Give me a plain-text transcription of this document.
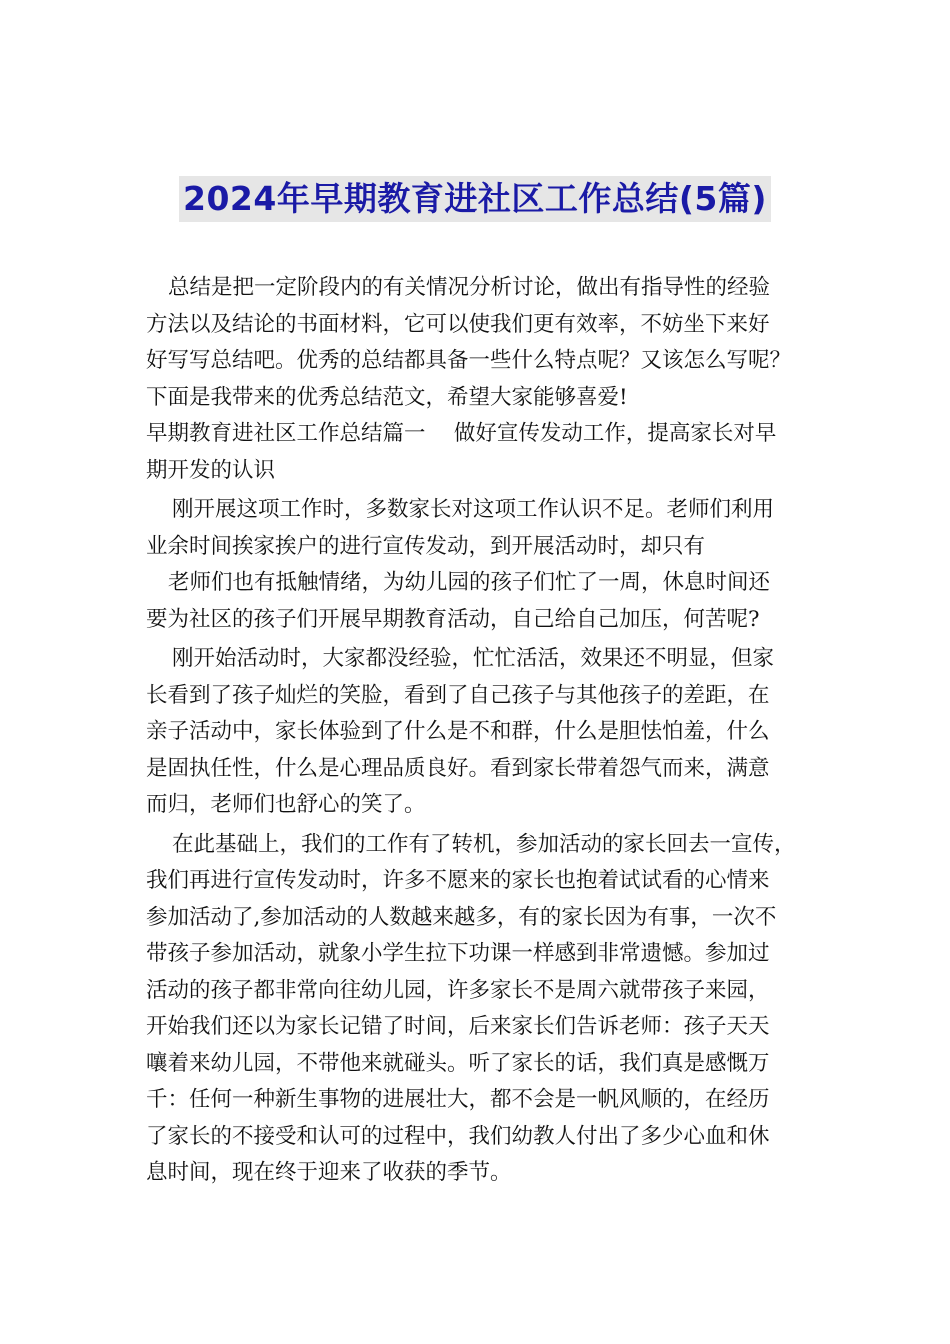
2024年早期教育进社区工作总结(5篇)
总结是把一定阶段内的有关情况分析讨论，做出有指导性的经验
方法以及结论的书面材料，它可以使我们更有效率，不妨坐下来好
好写写总结吧。优秀的总结都具备一些什么特点呢？又该怎么写呢？
下面是我带来的优秀总结范文，希望大家能够喜爱!
早期教育进社区工作总结篇一　 做好宣传发动工作，提高家长对早
期开发的认识
刚开展这项工作时，多数家长对这项工作认识不足。老师们利用
业余时间挨家挨户的进行宣传发动，到开展活动时，却只有
老师们也有抵触情绪，为幼儿园的孩子们忙了一周，休息时间还
要为社区的孩子们开展早期教育活动，自己给自己加压，何苦呢?
刚开始活动时，大家都没经验，忙忙活活，效果还不明显，但家
长看到了孩子灿烂的笑脸，看到了自己孩子与其他孩子的差距，在
亲子活动中，家长体验到了什么是不和群，什么是胆怯怕羞，什么
是固执任性，什么是心理品质良好。看到家长带着怨气而来，满意
而归，老师们也舒心的笑了。
在此基础上，我们的工作有了转机，参加活动的家长回去一宣传，
我们再进行宣传发动时，许多不愿来的家长也抱着试试看的心情来
参加活动了,参加活动的人数越来越多，有的家长因为有事，一次不
带孩子参加活动，就象小学生拉下功课一样感到非常遗憾。参加过
活动的孩子都非常向往幼儿园，许多家长不是周六就带孩子来园，
开始我们还以为家长记错了时间，后来家长们告诉老师：孩子天天
嚷着来幼儿园，不带他来就碰头。听了家长的话，我们真是感慨万
千：任何一种新生事物的进展壮大，都不会是一帆风顺的，在经历
了家长的不接受和认可的过程中，我们幼教人付出了多少心血和休
息时间，现在终于迎来了收获的季节。
